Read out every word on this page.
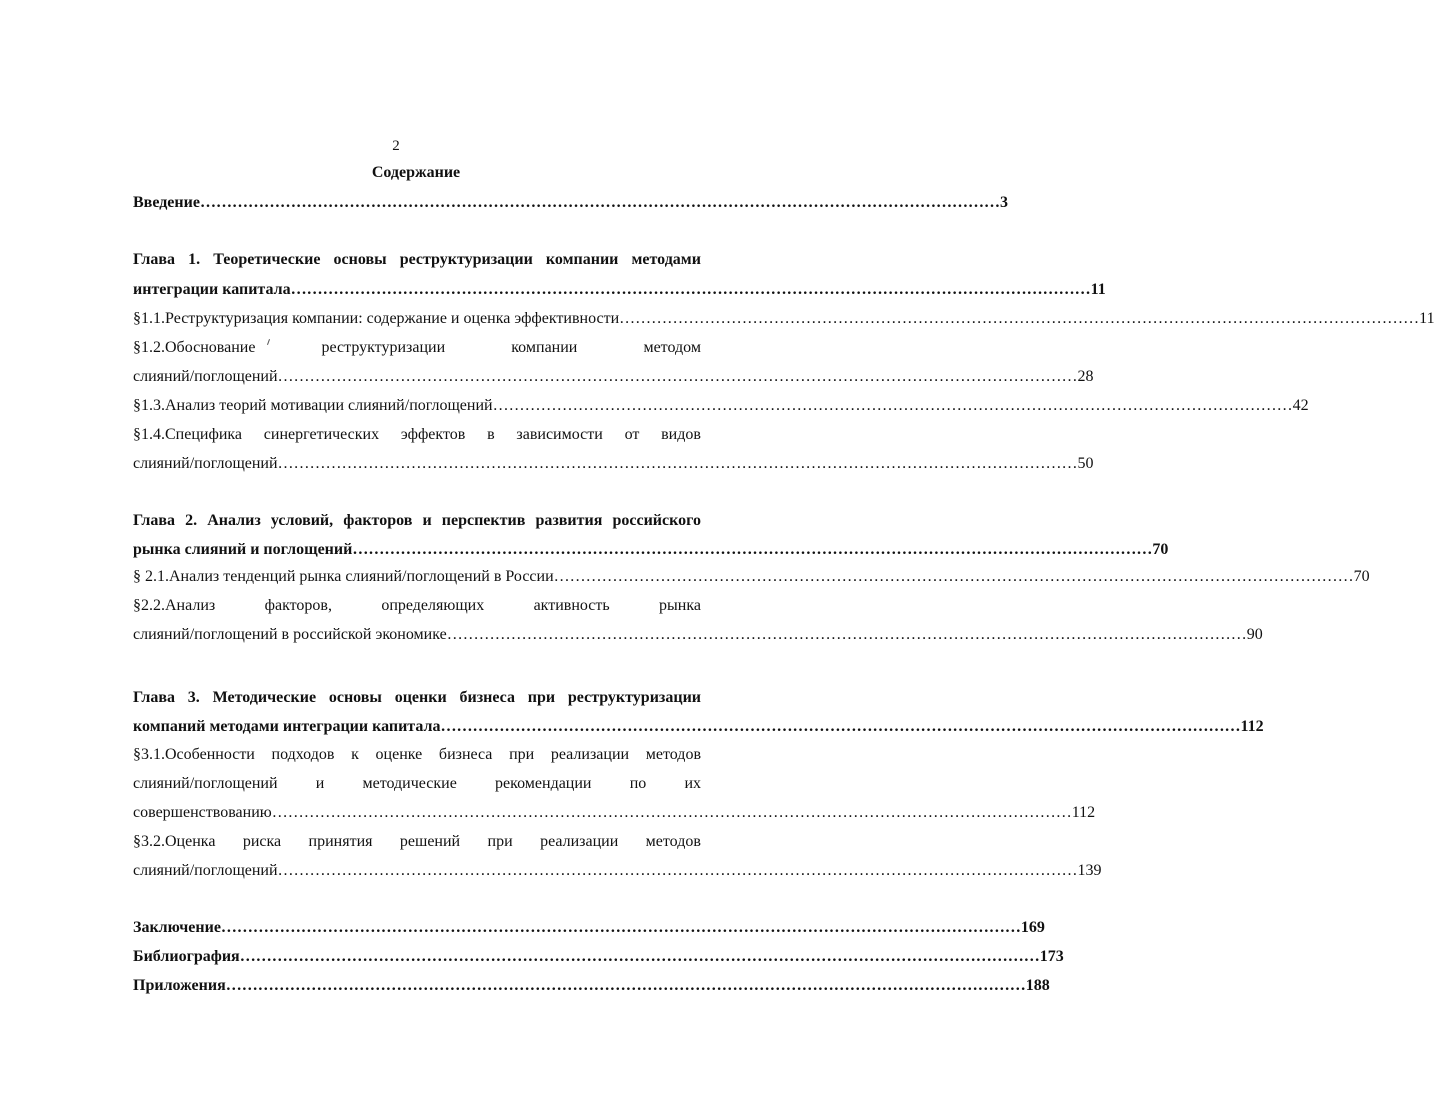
2
Содержание
Введение …………………………………………………………………………………………………………………………………… 3
Глава 1. Теоретические основы реструктуризации компании методами
интеграции капитала …………………………………………………………………………………………………………………………………… 11
§1.1.Реструктуризация компании: содержание и оценка эффективности …………………………………………………………………………………………………………………………………… 11
§1.2.Обоснование	реструктуризации	компании	методом
слияний/поглощений …………………………………………………………………………………………………………………………………… 28
§1.3.Анализ теорий мотивации слияний/поглощений …………………………………………………………………………………………………………………………………… 42
§1.4.Специфика синергетических эффектов в зависимости от видов
слияний/поглощений …………………………………………………………………………………………………………………………………… 50
Глава 2. Анализ условий, факторов и перспектив развития российского
рынка слияний и поглощений …………………………………………………………………………………………………………………………………… 70
§ 2.1.Анализ тенденций рынка слияний/поглощений в России …………………………………………………………………………………………………………………………………… 70
§2.2.Анализ	факторов,	определяющих	активность	рынка
слияний/поглощений в российской экономике …………………………………………………………………………………………………………………………………… 90
Глава 3. Методические основы оценки бизнеса при реструктуризации
компаний методами интеграции капитала …………………………………………………………………………………………………………………………………… 112
§3.1.Особенности подходов к оценке бизнеса при реализации методов
слияний/поглощений и методические рекомендации по их
совершенствованию …………………………………………………………………………………………………………………………………… 112
§3.2.Оценка риска принятия решений при реализации методов
слияний/поглощений …………………………………………………………………………………………………………………………………… 139
Заключение …………………………………………………………………………………………………………………………………… 169
Библиография …………………………………………………………………………………………………………………………………… 173
Приложения …………………………………………………………………………………………………………………………………… 188
